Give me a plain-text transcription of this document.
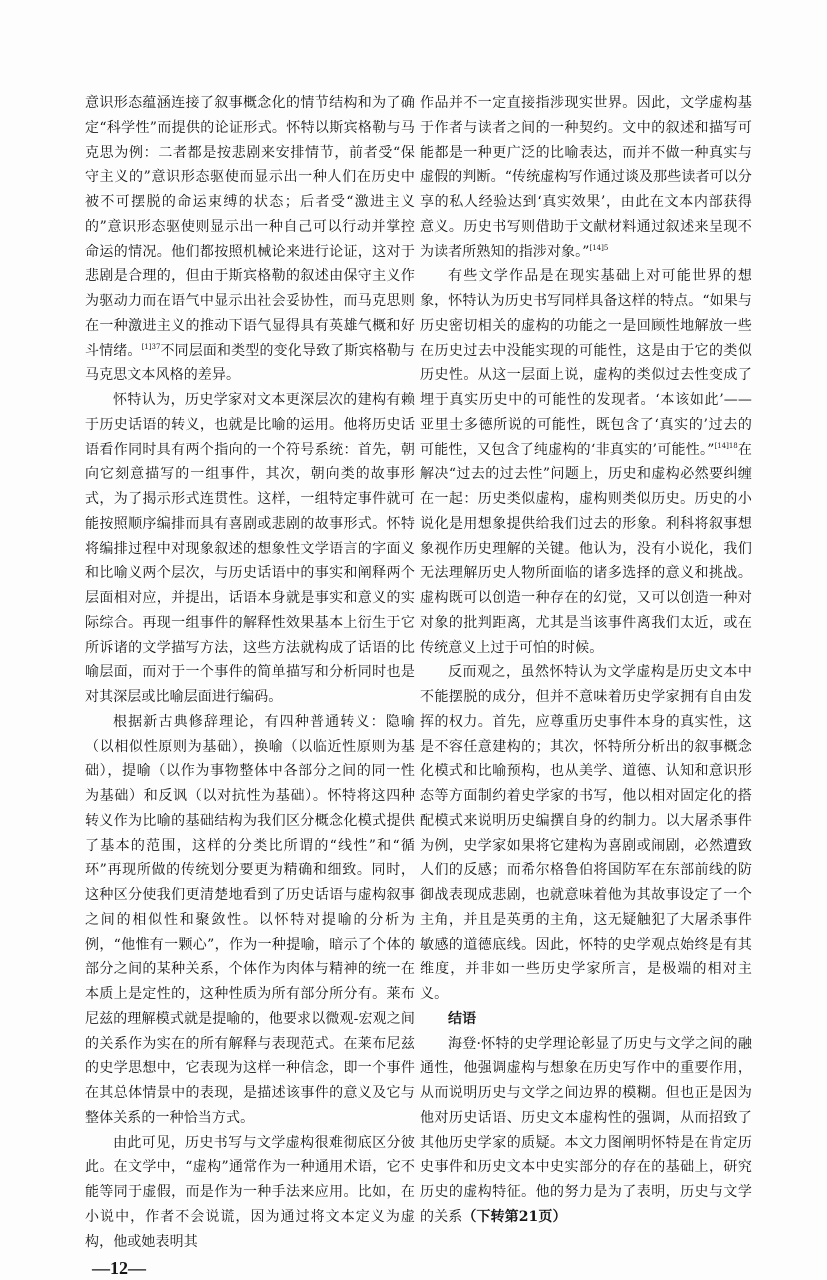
意识形态蕴涵连接了叙事概念化的情节结构和为了确定“科学性”而提供的论证形式。怀特以斯宾格勒与马克思为例：二者都是按悲剧来安排情节，前者受“保守主义的”意识形态驱使而显示出一种人们在历史中被不可摆脱的命运束缚的状态；后者受“激进主义的”意识形态驱使则显示出一种自己可以行动并掌控命运的情况。他们都按照机械论来进行论证，这对于悲剧是合理的，但由于斯宾格勒的叙述由保守主义作为驱动力而在语气中显示出社会妥协性，而马克思则在一种激进主义的推动下语气显得具有英雄气概和好斗情绪。$^{[1]37}$不同层面和类型的变化导致了斯宾格勒与马克思文本风格的差异。

怀特认为，历史学家对文本更深层次的建构有赖于历史话语的转义，也就是比喻的运用。他将历史话语看作同时具有两个指向的一个符号系统：首先，朝向它刻意描写的一组事件，其次，朝向类的故事形式，为了揭示形式连贯性。这样，一组特定事件就可能按照顺序编排而具有喜剧或悲剧的故事形式。怀特将编排过程中对现象叙述的想象性文学语言的字面义和比喻义两个层次，与历史话语中的事实和阐释两个层面相对应，并提出，话语本身就是事实和意义的实际综合。再现一组事件的解释性效果基本上衍生于它所诉诸的文学描写方法，这些方法就构成了话语的比喻层面，而对于一个事件的简单描写和分析同时也是对其深层或比喻层面进行编码。

根据新古典修辞理论，有四种普通转义：隐喻（以相似性原则为基础），换喻（以临近性原则为基础），提喻（以作为事物整体中各部分之间的同一性为基础）和反讽（以对抗性为基础）。怀特将这四种转义作为比喻的基础结构为我们区分概念化模式提供了基本的范围，这样的分类比所谓的“线性”和“循环”再现所做的传统划分要更为精确和细致。同时，这种区分使我们更清楚地看到了历史话语与虚构叙事之间的相似性和聚敛性。以怀特对提喻的分析为例，“他惟有一颗心”，作为一种提喻，暗示了个体的部分之间的某种关系，个体作为肉体与精神的统一在本质上是定性的，这种性质为所有部分所分有。莱布尼兹的理解模式就是提喻的，他要求以微观-宏观之间的关系作为实在的所有解释与表现范式。在莱布尼兹的史学思想中，它表现为这样一种信念，即一个事件在其总体情景中的表现，是描述该事件的意义及它与整体关系的一种恰当方式。

由此可见，历史书写与文学虚构很难彻底区分彼此。在文学中，“虚构”通常作为一种通用术语，它不能等同于虚假，而是作为一种手法来应用。比如，在小说中，作者不会说谎，因为通过将文本定义为虚构，他或她表明其

—12—

作品并不一定直接指涉现实世界。因此，文学虚构基于作者与读者之间的一种契约。文中的叙述和描写可能都是一种更广泛的比喻表达，而并不做一种真实与虚假的判断。“传统虚构写作通过谈及那些读者可以分享的私人经验达到‘真实效果’，由此在文本内部获得意义。历史书写则借助于文献材料通过叙述来呈现不为读者所熟知的指涉对象。”$^{[14]5}$

有些文学作品是在现实基础上对可能世界的想象，怀特认为历史书写同样具备这样的特点。“如果与历史密切相关的虚构的功能之一是回顾性地解放一些在历史过去中没能实现的可能性，这是由于它的类似历史性。从这一层面上说，虚构的类似过去性变成了埋于真实历史中的可能性的发现者。‘本该如此’——亚里士多德所说的可能性，既包含了‘真实的’过去的可能性，又包含了纯虚构的‘非真实的’可能性。”$^{[14]18}$在解决“过去的过去性”问题上，历史和虚构必然要纠缠在一起：历史类似虚构，虚构则类似历史。历史的小说化是用想象提供给我们过去的形象。利科将叙事想象视作历史理解的关键。他认为，没有小说化，我们无法理解历史人物所面临的诸多选择的意义和挑战。虚构既可以创造一种存在的幻觉，又可以创造一种对对象的批判距离，尤其是当该事件离我们太近，或在传统意义上过于可怕的时候。

反而观之，虽然怀特认为文学虚构是历史文本中不能摆脱的成分，但并不意味着历史学家拥有自由发挥的权力。首先，应尊重历史事件本身的真实性，这是不容任意建构的；其次，怀特所分析出的叙事概念化模式和比喻预构，也从美学、道德、认知和意识形态等方面制约着史学家的书写，他以相对固定化的搭配模式来说明历史编撰自身的约制力。以大屠杀事件为例，史学家如果将它建构为喜剧或闹剧，必然遭致人们的反感；而希尔格鲁伯将国防军在东部前线的防御战表现成悲剧，也就意味着他为其故事设定了一个主角，并且是英勇的主角，这无疑触犯了大屠杀事件敏感的道德底线。因此，怀特的史学观点始终是有其维度，并非如一些历史学家所言，是极端的相对主义。

结语

海登·怀特的史学理论彰显了历史与文学之间的融通性，他强调虚构与想象在历史写作中的重要作用，从而说明历史与文学之间边界的模糊。但也正是因为他对历史话语、历史文本虚构性的强调，从而招致了其他历史学家的质疑。本文力图阐明怀特是在肯定历史事件和历史文本中史实部分的存在的基础上，研究历史的虚构特征。他的努力是为了表明，历史与文学的关系（下转第21页）
